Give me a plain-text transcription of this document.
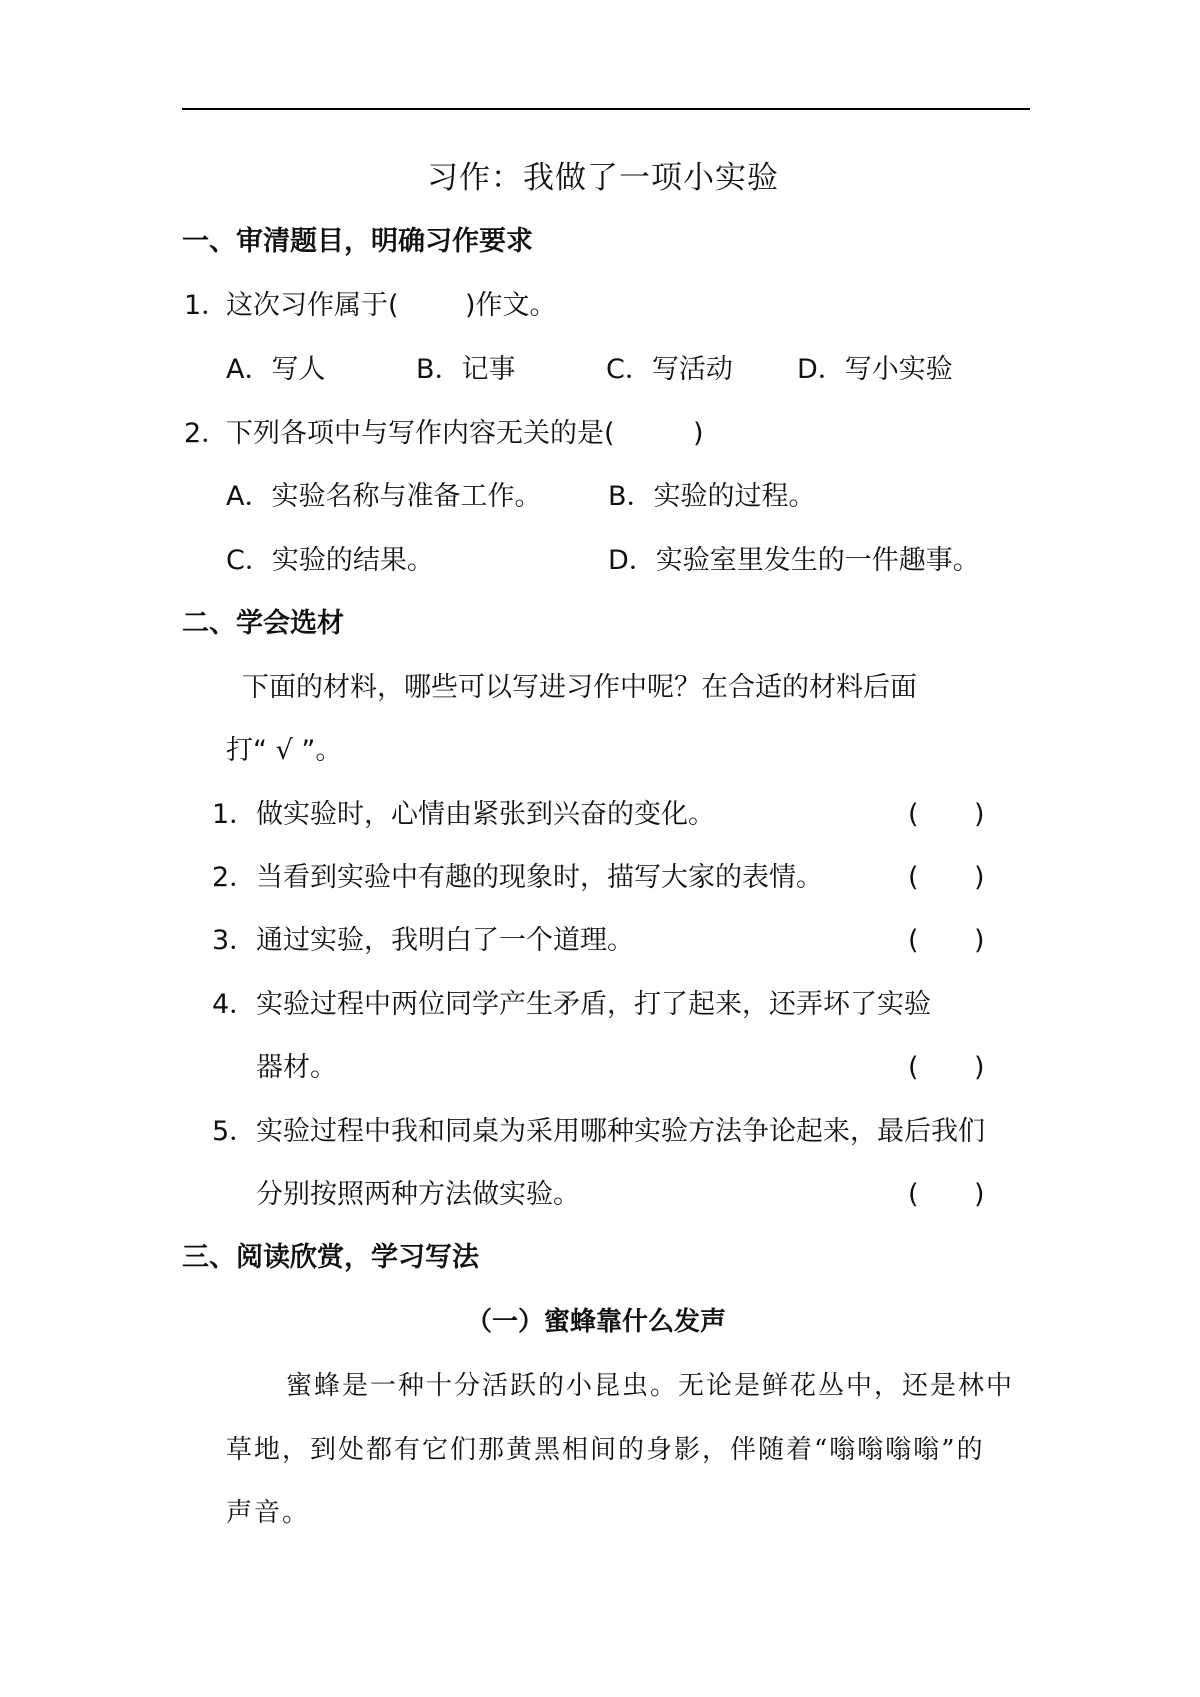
习作：我做了一项小实验
一、审清题目，明确习作要求
1．
这次习作属于( )作文。
A．写人	B．记事	C．写活动 D．写小实验
2．
下列各项中与写作内容无关的是(	)
A．实验名称与准备工作。 B．实验的过程。
C．实验的结果。	D．实验室里发生的一件趣事。
二、学会选材
下面的材料，哪些可以写进习作中呢？在合适的材料后面
打“ √ ”。
1． 做实验时，心情由紧张到兴奋的变化。	( )
2． 当看到实验中有趣的现象时，描写大家的表情。	( )
3． 通过实验，我明白了一个道理。	( )
4． 实验过程中两位同学产生矛盾，打了起来，还弄坏了实验
器材。	( )
5． 实验过程中我和同桌为采用哪种实验方法争论起来，最后我们
分别按照两种方法做实验。	( )
三、阅读欣赏，学习写法
（一）蜜蜂靠什么发声
蜜蜂是一种十分活跃的小昆虫。无论是鲜花丛中，还是林中
草地，到处都有它们那黄黑相间的身影，伴随着“嗡嗡嗡嗡”的
声音。
